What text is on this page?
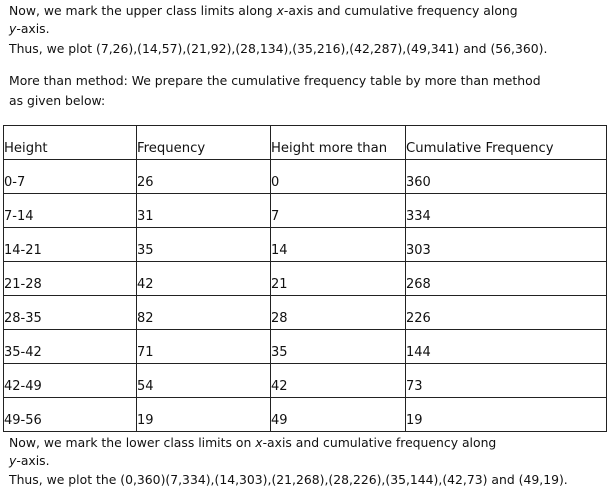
Now, we mark the upper class limits along x-axis and cumulative frequency along
y-axis.
Thus, we plot (7,26),(14,57),(21,92),(28,134),(35,216),(42,287),(49,341) and (56,360).
More than method: We prepare the cumulative frequency table by more than method
as given below:
Height	Frequency	Height more than	Cumulative Frequency
0-7	26	0	360
7-14	31	7	334
14-21	35	14	303
21-28	42	21	268
28-35	82	28	226
35-42	71	35	144
42-49	54	42	73
49-56	19	49	19
Now, we mark the lower class limits on x-axis and cumulative frequency along
y-axis.
Thus, we plot the (0,360)(7,334),(14,303),(21,268),(28,226),(35,144),(42,73) and (49,19).
